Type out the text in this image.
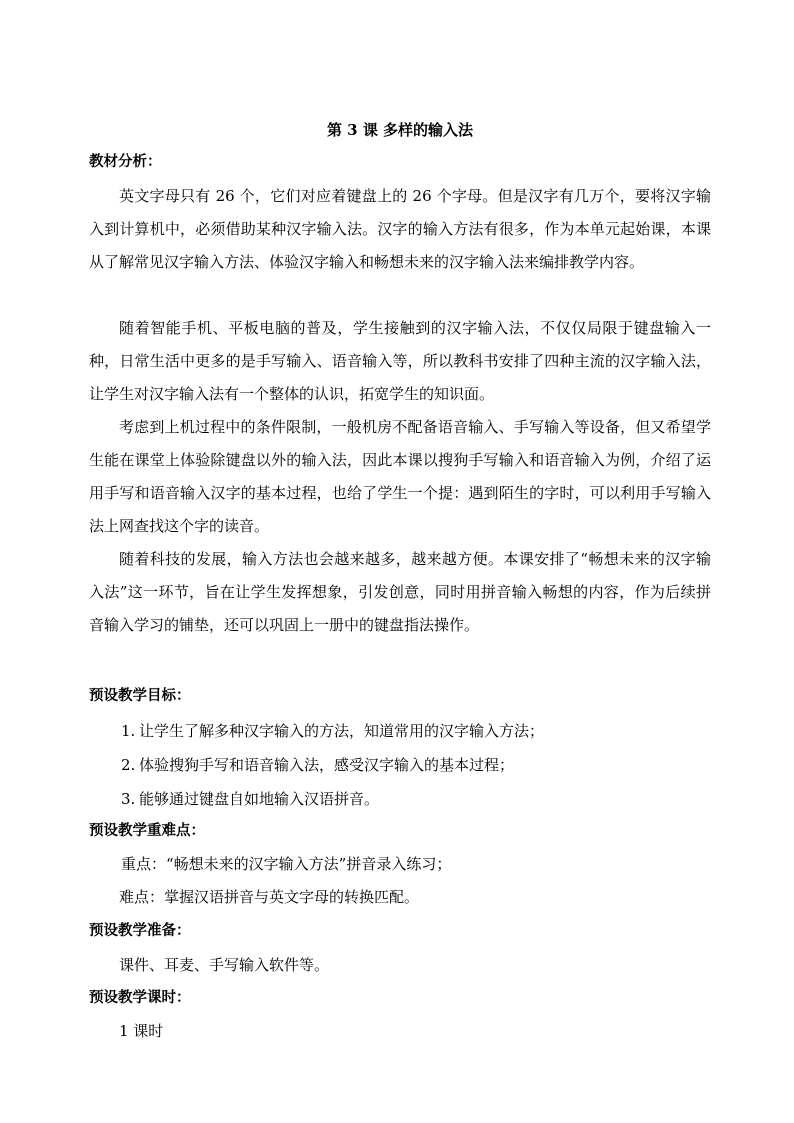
第 3 课 多样的输入法
教材分析：

英文字母只有 26 个，它们对应着键盘上的 26 个字母。但是汉字有几万个，要将汉字输入到计算机中，必须借助某种汉字输入法。汉字的输入方法有很多，作为本单元起始课，本课从了解常见汉字输入方法、体验汉字输入和畅想未来的汉字输入法来编排教学内容。

随着智能手机、平板电脑的普及，学生接触到的汉字输入法，不仅仅局限于键盘输入一种，日常生活中更多的是手写输入、语音输入等，所以教科书安排了四种主流的汉字输入法，让学生对汉字输入法有一个整体的认识，拓宽学生的知识面。

考虑到上机过程中的条件限制，一般机房不配备语音输入、手写输入等设备，但又希望学生能在课堂上体验除键盘以外的输入法，因此本课以搜狗手写输入和语音输入为例，介绍了运用手写和语音输入汉字的基本过程，也给了学生一个提：遇到陌生的字时，可以利用手写输入法上网查找这个字的读音。

随着科技的发展，输入方法也会越来越多，越来越方便。本课安排了“畅想未来的汉字输入法”这一环节，旨在让学生发挥想象，引发创意，同时用拼音输入畅想的内容，作为后续拼音输入学习的铺垫，还可以巩固上一册中的键盘指法操作。

预设教学目标：
1. 让学生了解多种汉字输入的方法，知道常用的汉字输入方法；
2. 体验搜狗手写和语音输入法，感受汉字输入的基本过程；
3. 能够通过键盘自如地输入汉语拼音。
预设教学重难点：
重点：“畅想未来的汉字输入方法”拼音录入练习；
难点：掌握汉语拼音与英文字母的转换匹配。
预设教学准备：
课件、耳麦、手写输入软件等。
预设教学课时：
1 课时
